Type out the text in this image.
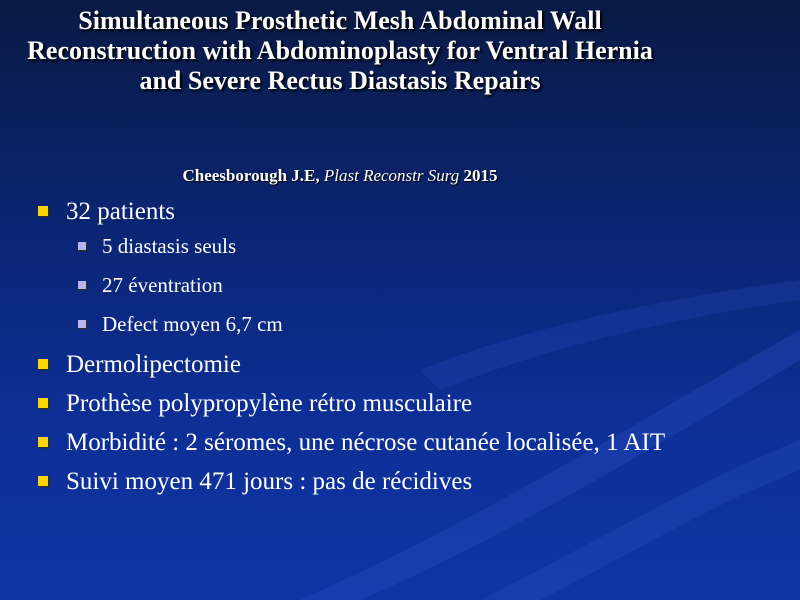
Simultaneous Prosthetic Mesh Abdominal Wall Reconstruction with Abdominoplasty for Ventral Hernia and Severe Rectus Diastasis Repairs
Cheesborough J.E, Plast Reconstr Surg 2015
32 patients
5 diastasis seuls
27 éventration
Defect moyen 6,7 cm
Dermolipectomie
Prothèse polypropylène rétro musculaire
Morbidité : 2 séromes, une nécrose cutanée localisée, 1 AIT
Suivi moyen 471 jours : pas de récidives
